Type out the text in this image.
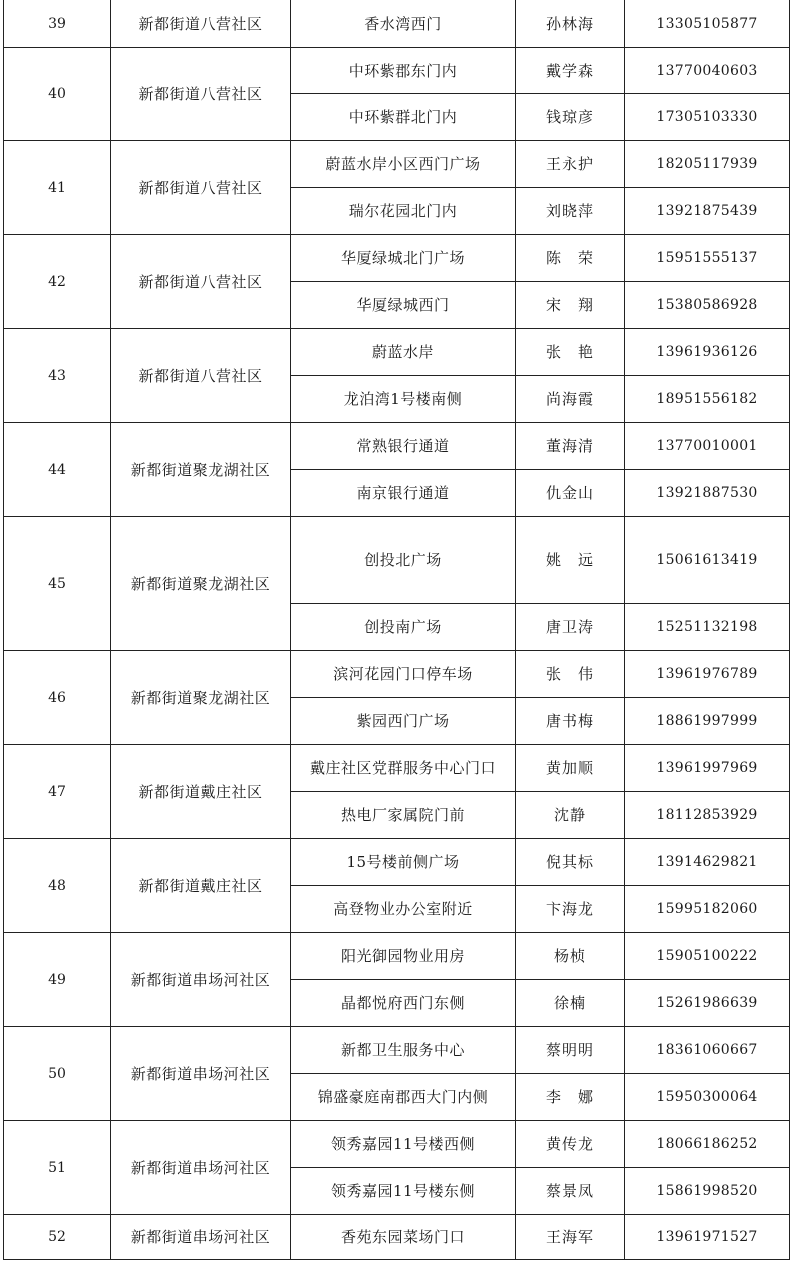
39	新都街道八营社区	香水湾西门	孙林海	13305105877
40	新都街道八营社区	中环紫郡东门内	戴学森	13770040603
		中环紫群北门内	钱琼彦	17305103330
41	新都街道八营社区	蔚蓝水岸小区西门广场	王永护	18205117939
		瑞尔花园北门内	刘晓萍	13921875439
42	新都街道八营社区	华厦绿城北门广场	陈　荣	15951555137
		华厦绿城西门	宋　翔	15380586928
43	新都街道八营社区	蔚蓝水岸	张　艳	13961936126
		龙泊湾1号楼南侧	尚海霞	18951556182
44	新都街道聚龙湖社区	常熟银行通道	董海清	13770010001
		南京银行通道	仇金山	13921887530
45	新都街道聚龙湖社区	创投北广场	姚　远	15061613419
		创投南广场	唐卫涛	15251132198
46	新都街道聚龙湖社区	滨河花园门口停车场	张　伟	13961976789
		紫园西门广场	唐书梅	18861997999
47	新都街道戴庄社区	戴庄社区党群服务中心门口	黄加顺	13961997969
		热电厂家属院门前	沈静	18112853929
48	新都街道戴庄社区	15号楼前侧广场	倪其标	13914629821
		高登物业办公室附近	卞海龙	15995182060
49	新都街道串场河社区	阳光御园物业用房	杨桢	15905100222
		晶都悦府西门东侧	徐楠	15261986639
50	新都街道串场河社区	新都卫生服务中心	蔡明明	18361060667
		锦盛豪庭南郡西大门内侧	李　娜	15950300064
51	新都街道串场河社区	领秀嘉园11号楼西侧	黄传龙	18066186252
		领秀嘉园11号楼东侧	蔡景凤	15861998520
52	新都街道串场河社区	香苑东园菜场门口	王海军	13961971527
